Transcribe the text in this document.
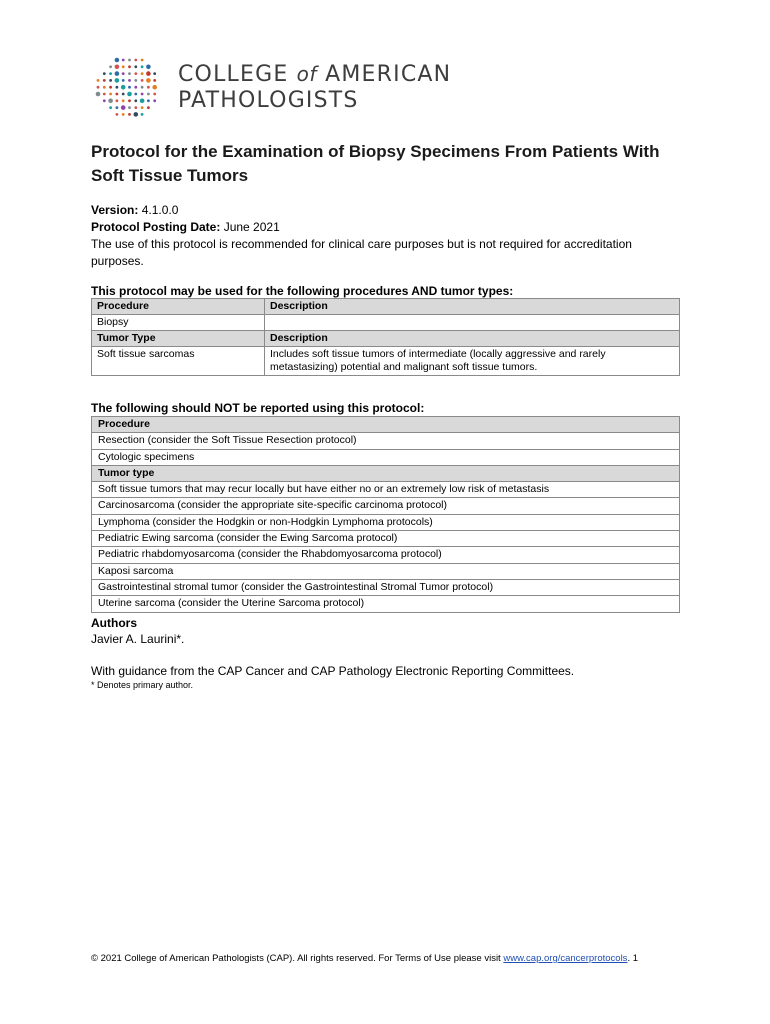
COLLEGE of AMERICAN
PATHOLOGISTS
Protocol for the Examination of Biopsy Specimens From Patients With Soft Tissue Tumors
Version: 4.1.0.0
Protocol Posting Date: June 2021
The use of this protocol is recommended for clinical care purposes but is not required for accreditation purposes.
This protocol may be used for the following procedures AND tumor types:
Procedure	Description
Biopsy	
Tumor Type	Description
Soft tissue sarcomas	Includes soft tissue tumors of intermediate (locally aggressive and rarely metastasizing) potential and malignant soft tissue tumors.
The following should NOT be reported using this protocol:
Procedure
Resection (consider the Soft Tissue Resection protocol)
Cytologic specimens
Tumor type
Soft tissue tumors that may recur locally but have either no or an extremely low risk of metastasis
Carcinosarcoma (consider the appropriate site-specific carcinoma protocol)
Lymphoma (consider the Hodgkin or non-Hodgkin Lymphoma protocols)
Pediatric Ewing sarcoma (consider the Ewing Sarcoma protocol)
Pediatric rhabdomyosarcoma (consider the Rhabdomyosarcoma protocol)
Kaposi sarcoma
Gastrointestinal stromal tumor (consider the Gastrointestinal Stromal Tumor protocol)
Uterine sarcoma (consider the Uterine Sarcoma protocol)
Authors
Javier A. Laurini*.
With guidance from the CAP Cancer and CAP Pathology Electronic Reporting Committees.
* Denotes primary author.
© 2021 College of American Pathologists (CAP). All rights reserved. For Terms of Use please visit www.cap.org/cancerprotocols. 1
